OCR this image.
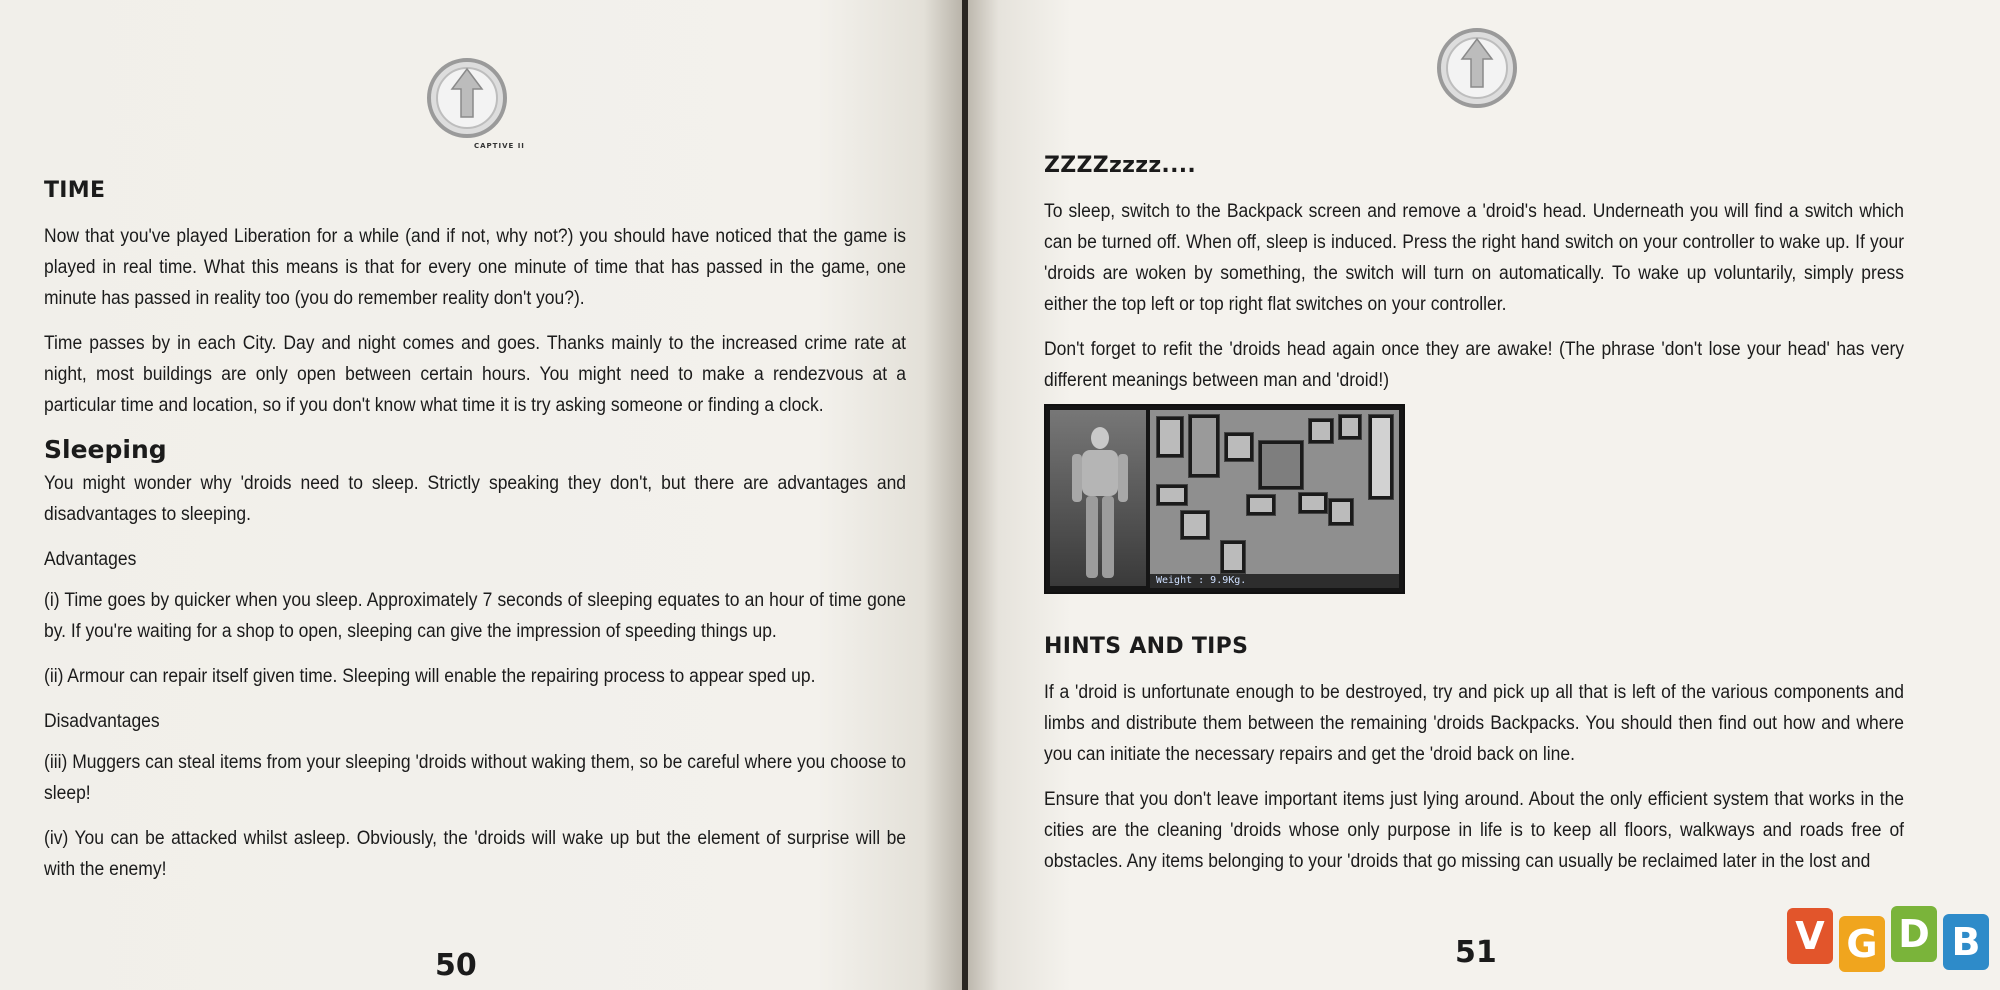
CAPTIVE II
TIME

Now that you've played Liberation for a while (and if not, why not?) you should have noticed that the game is played in real time. What this means is that for every one minute of time that has passed in the game, one minute has passed in reality too (you do remember reality don't you?).

Time passes by in each City. Day and night comes and goes. Thanks mainly to the increased crime rate at night, most buildings are only open between certain hours. You might need to make a rendezvous at a particular time and location, so if you don't know what time it is try asking someone or finding a clock.

Sleeping

You might wonder why 'droids need to sleep. Strictly speaking they don't, but there are advantages and disadvantages to sleeping.

Advantages

(i) Time goes by quicker when you sleep. Approximately 7 seconds of sleeping equates to an hour of time gone by. If you're waiting for a shop to open, sleeping can give the impression of speeding things up.

(ii) Armour can repair itself given time. Sleeping will enable the repairing process to appear sped up.

Disadvantages

(iii) Muggers can steal items from your sleeping 'droids without waking them, so be careful where you choose to sleep!

(iv) You can be attacked whilst asleep. Obviously, the 'droids will wake up but the element of surprise will be with the enemy!

50
ZZZZzzzz....

To sleep, switch to the Backpack screen and remove a 'droid's head. Underneath you will find a switch which can be turned off. When off, sleep is induced. Press the right hand switch on your controller to wake up. If your 'droids are woken by something, the switch will turn on automatically. To wake up voluntarily, simply press either the top left or top right flat switches on your controller.

Don't forget to refit the 'droids head again once they are awake! (The phrase 'don't lose your head' has very different meanings between man and 'droid!)

Weight : 9.9Kg.
HINTS AND TIPS

If a 'droid is unfortunate enough to be destroyed, try and pick up all that is left of the various components and limbs and distribute them between the remaining 'droids Backpacks. You should then find out how and where you can initiate the necessary repairs and get the 'droid back on line.

Ensure that you don't leave important items just lying around. About the only efficient system that works in the cities are the cleaning 'droids whose only purpose in life is to keep all floors, walkways and roads free of obstacles. Any items belonging to your 'droids that go missing can usually be reclaimed later in the lost and

51	V G D B
